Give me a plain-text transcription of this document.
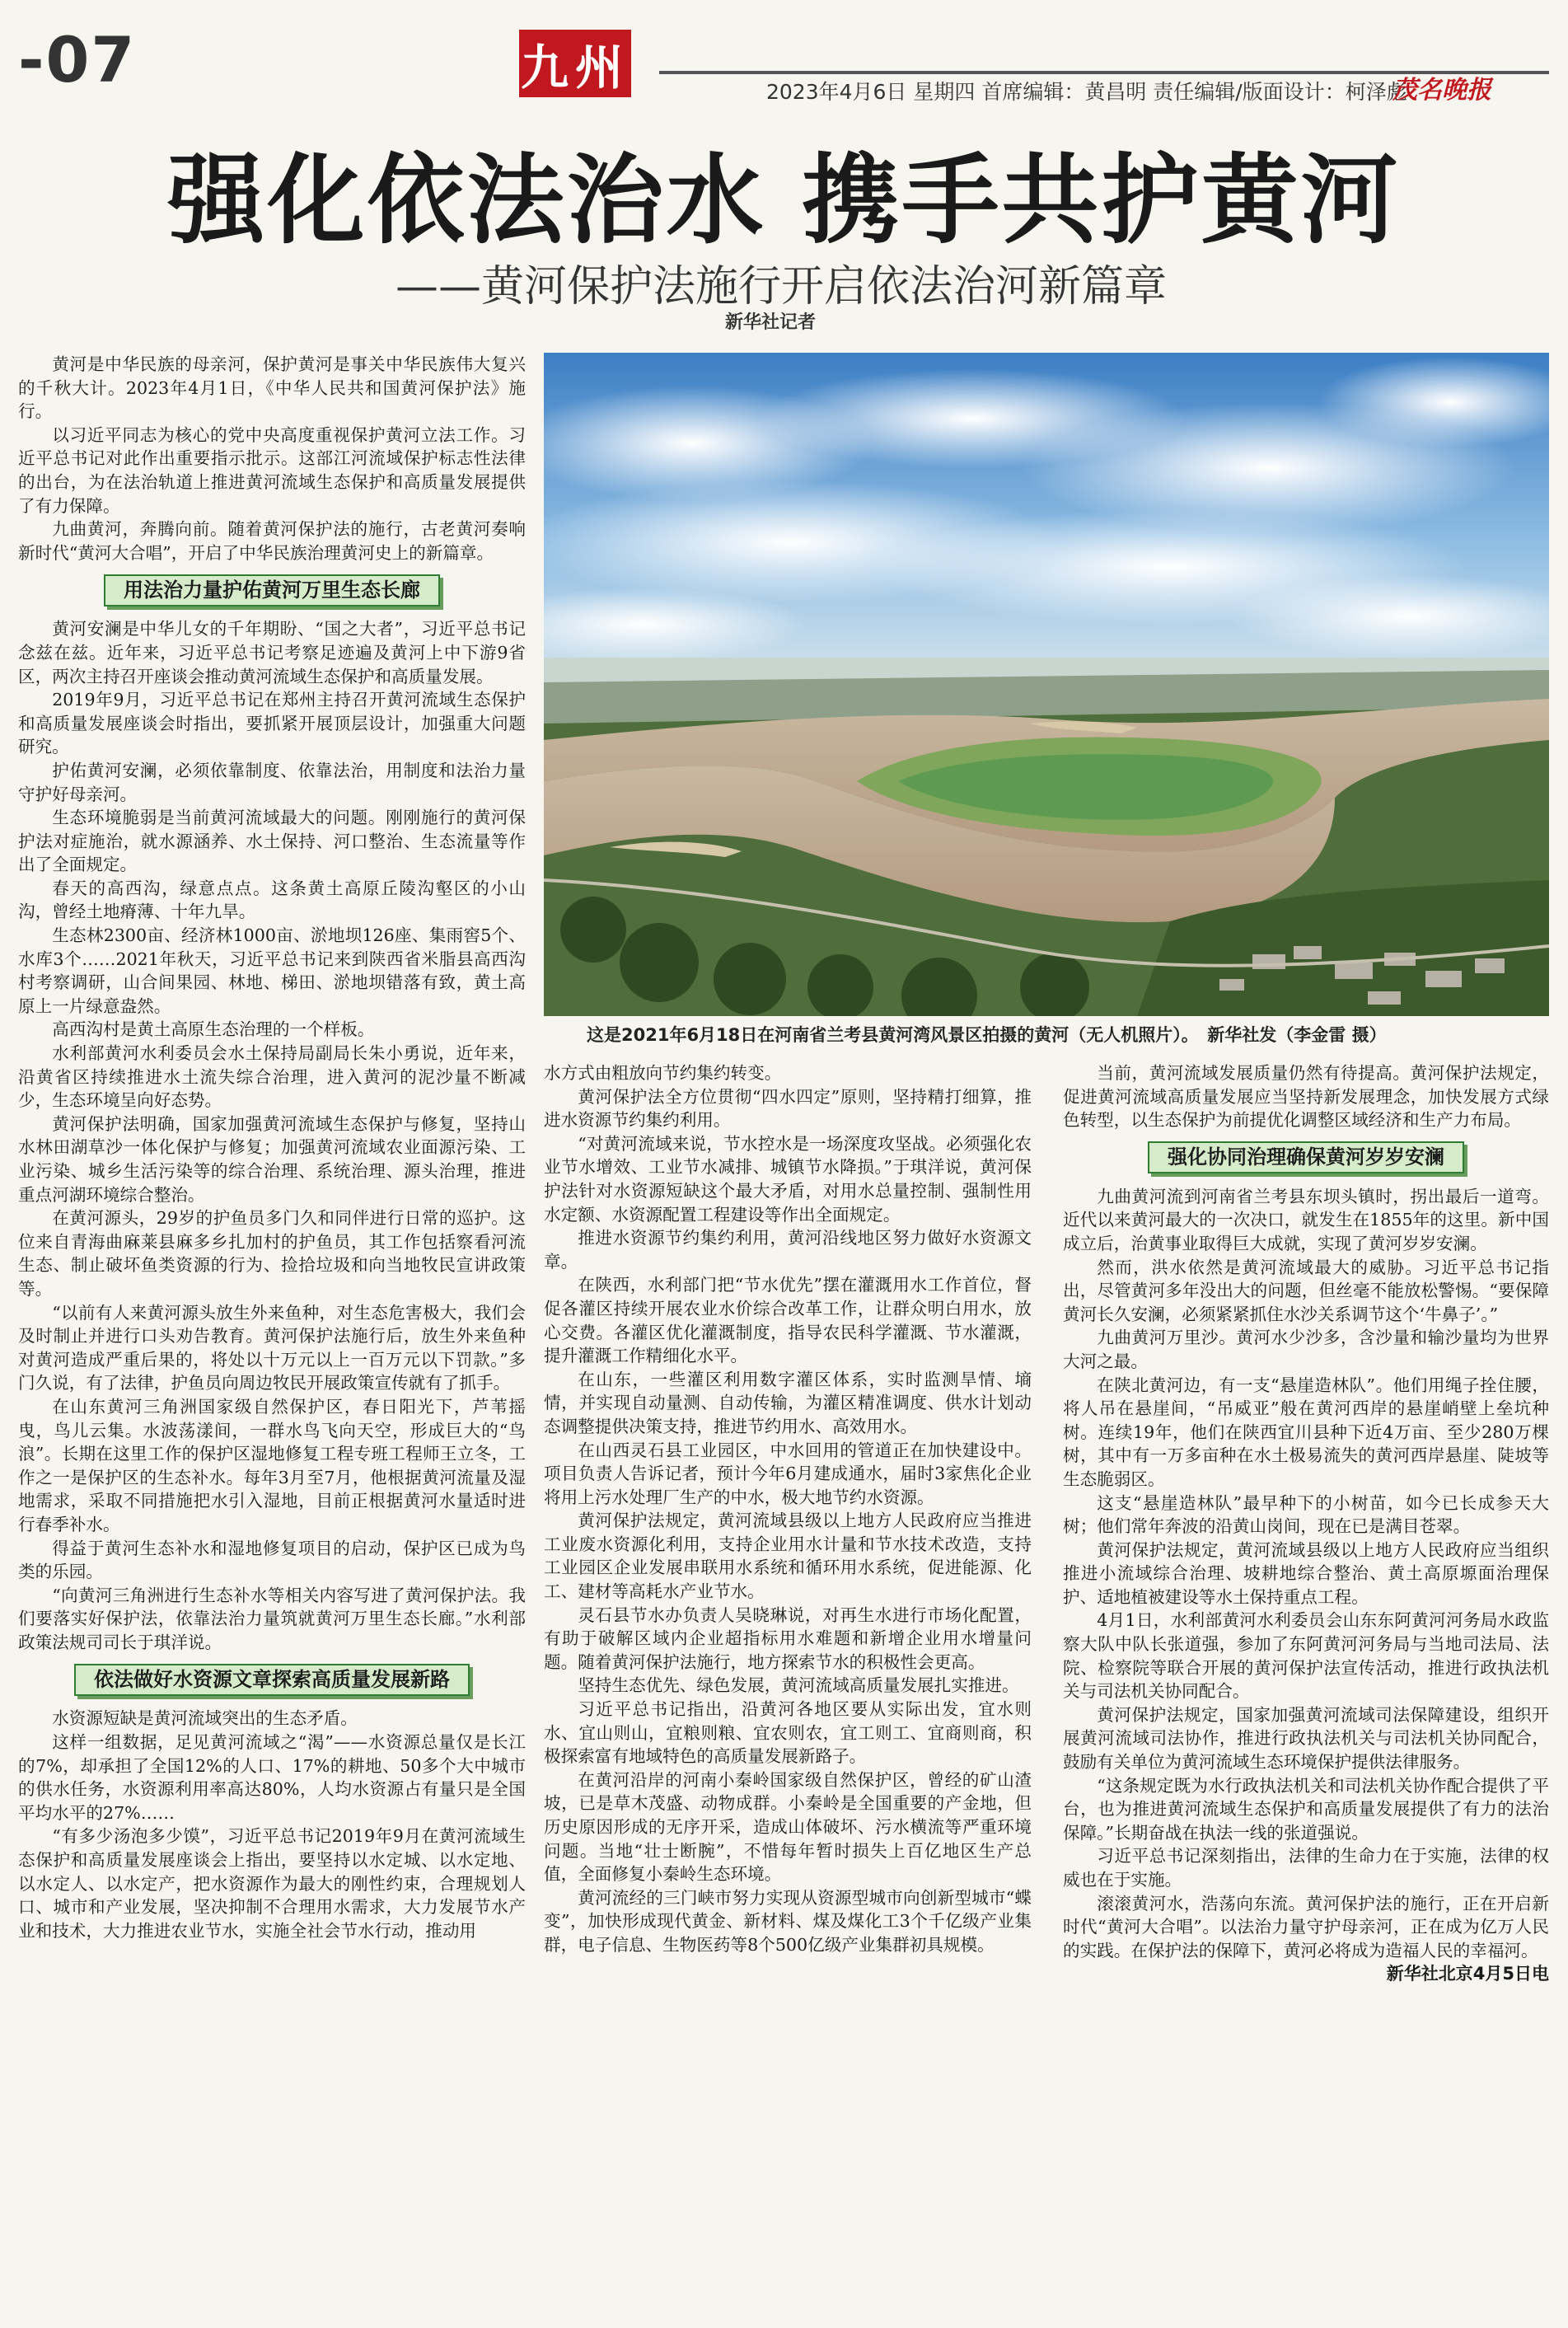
-07	九州	2023年4月6日 星期四 首席编辑：黄昌明 责任编辑/版面设计：柯泽彪
茂名晚报
强化依法治水 携手共护黄河
——黄河保护法施行开启依法治河新篇章
新华社记者
这是2021年6月18日在河南省兰考县黄河湾风景区拍摄的黄河（无人机照片）。　新华社发（李金雷 摄）

黄河是中华民族的母亲河，保护黄河是事关中华民族伟大复兴的千秋大计。2023年4月1日，《中华人民共和国黄河保护法》施行。

以习近平同志为核心的党中央高度重视保护黄河立法工作。习近平总书记对此作出重要指示批示。这部江河流域保护标志性法律的出台，为在法治轨道上推进黄河流域生态保护和高质量发展提供了有力保障。

九曲黄河，奔腾向前。随着黄河保护法的施行，古老黄河奏响新时代“黄河大合唱”，开启了中华民族治理黄河史上的新篇章。

用法治力量护佑黄河万里生态长廊

黄河安澜是中华儿女的千年期盼、“国之大者”，习近平总书记念兹在兹。近年来，习近平总书记考察足迹遍及黄河上中下游9省区，两次主持召开座谈会推动黄河流域生态保护和高质量发展。

2019年9月，习近平总书记在郑州主持召开黄河流域生态保护和高质量发展座谈会时指出，要抓紧开展顶层设计，加强重大问题研究。

护佑黄河安澜，必须依靠制度、依靠法治，用制度和法治力量守护好母亲河。

生态环境脆弱是当前黄河流域最大的问题。刚刚施行的黄河保护法对症施治，就水源涵养、水土保持、河口整治、生态流量等作出了全面规定。

春天的高西沟，绿意点点。这条黄土高原丘陵沟壑区的小山沟，曾经土地瘠薄、十年九旱。

生态林2300亩、经济林1000亩、淤地坝126座、集雨窖5个、水库3个……2021年秋天，习近平总书记来到陕西省米脂县高西沟村考察调研，山合间果园、林地、梯田、淤地坝错落有致，黄土高原上一片绿意盎然。

高西沟村是黄土高原生态治理的一个样板。

水利部黄河水利委员会水土保持局副局长朱小勇说，近年来，沿黄省区持续推进水土流失综合治理，进入黄河的泥沙量不断减少，生态环境呈向好态势。

黄河保护法明确，国家加强黄河流域生态保护与修复，坚持山水林田湖草沙一体化保护与修复；加强黄河流域农业面源污染、工业污染、城乡生活污染等的综合治理、系统治理、源头治理，推进重点河湖环境综合整治。

在黄河源头，29岁的护鱼员多门久和同伴进行日常的巡护。这位来自青海曲麻莱县麻多乡扎加村的护鱼员，其工作包括察看河流生态、制止破坏鱼类资源的行为、捡拾垃圾和向当地牧民宣讲政策等。

“以前有人来黄河源头放生外来鱼种，对生态危害极大，我们会及时制止并进行口头劝告教育。黄河保护法施行后，放生外来鱼种对黄河造成严重后果的，将处以十万元以上一百万元以下罚款。”多门久说，有了法律，护鱼员向周边牧民开展政策宣传就有了抓手。

在山东黄河三角洲国家级自然保护区，春日阳光下，芦苇摇曳，鸟儿云集。水波荡漾间，一群水鸟飞向天空，形成巨大的“鸟浪”。长期在这里工作的保护区湿地修复工程专班工程师王立冬，工作之一是保护区的生态补水。每年3月至7月，他根据黄河流量及湿地需求，采取不同措施把水引入湿地，目前正根据黄河水量适时进行春季补水。

得益于黄河生态补水和湿地修复项目的启动，保护区已成为鸟类的乐园。

“向黄河三角洲进行生态补水等相关内容写进了黄河保护法。我们要落实好保护法，依靠法治力量筑就黄河万里生态长廊。”水利部政策法规司司长于琪洋说。

依法做好水资源文章探索高质量发展新路

水资源短缺是黄河流域突出的生态矛盾。

这样一组数据，足见黄河流域之“渴”——水资源总量仅是长江的7%，却承担了全国12%的人口、17%的耕地、50多个大中城市的供水任务，水资源利用率高达80%，人均水资源占有量只是全国平均水平的27%……

“有多少汤泡多少馍”，习近平总书记2019年9月在黄河流域生态保护和高质量发展座谈会上指出，要坚持以水定城、以水定地、以水定人、以水定产，把水资源作为最大的刚性约束，合理规划人口、城市和产业发展，坚决抑制不合理用水需求，大力发展节水产业和技术，大力推进农业节水，实施全社会节水行动，推动用

水方式由粗放向节约集约转变。

黄河保护法全方位贯彻“四水四定”原则，坚持精打细算，推进水资源节约集约利用。

“对黄河流域来说，节水控水是一场深度攻坚战。必须强化农业节水增效、工业节水减排、城镇节水降损。”于琪洋说，黄河保护法针对水资源短缺这个最大矛盾，对用水总量控制、强制性用水定额、水资源配置工程建设等作出全面规定。

推进水资源节约集约利用，黄河沿线地区努力做好水资源文章。

在陕西，水利部门把“节水优先”摆在灌溉用水工作首位，督促各灌区持续开展农业水价综合改革工作，让群众明白用水，放心交费。各灌区优化灌溉制度，指导农民科学灌溉、节水灌溉，提升灌溉工作精细化水平。

在山东，一些灌区利用数字灌区体系，实时监测旱情、墒情，并实现自动量测、自动传输，为灌区精准调度、供水计划动态调整提供决策支持，推进节约用水、高效用水。

在山西灵石县工业园区，中水回用的管道正在加快建设中。项目负责人告诉记者，预计今年6月建成通水，届时3家焦化企业将用上污水处理厂生产的中水，极大地节约水资源。

黄河保护法规定，黄河流域县级以上地方人民政府应当推进工业废水资源化利用，支持企业用水计量和节水技术改造，支持工业园区企业发展串联用水系统和循环用水系统，促进能源、化工、建材等高耗水产业节水。

灵石县节水办负责人吴晓琳说，对再生水进行市场化配置，有助于破解区域内企业超指标用水难题和新增企业用水增量问题。随着黄河保护法施行，地方探索节水的积极性会更高。

坚持生态优先、绿色发展，黄河流域高质量发展扎实推进。

习近平总书记指出，沿黄河各地区要从实际出发，宜水则水、宜山则山，宜粮则粮、宜农则农，宜工则工、宜商则商，积极探索富有地域特色的高质量发展新路子。

在黄河沿岸的河南小秦岭国家级自然保护区，曾经的矿山渣坡，已是草木茂盛、动物成群。小秦岭是全国重要的产金地，但历史原因形成的无序开采，造成山体破坏、污水横流等严重环境问题。当地“壮士断腕”，不惜每年暂时损失上百亿地区生产总值，全面修复小秦岭生态环境。

黄河流经的三门峡市努力实现从资源型城市向创新型城市“蝶变”，加快形成现代黄金、新材料、煤及煤化工3个千亿级产业集群，电子信息、生物医药等8个500亿级产业集群初具规模。

当前，黄河流域发展质量仍然有待提高。黄河保护法规定，促进黄河流域高质量发展应当坚持新发展理念，加快发展方式绿色转型，以生态保护为前提优化调整区域经济和生产力布局。

强化协同治理确保黄河岁岁安澜

九曲黄河流到河南省兰考县东坝头镇时，拐出最后一道弯。近代以来黄河最大的一次决口，就发生在1855年的这里。新中国成立后，治黄事业取得巨大成就，实现了黄河岁岁安澜。

然而，洪水依然是黄河流域最大的威胁。习近平总书记指出，尽管黄河多年没出大的问题，但丝毫不能放松警惕。“要保障黄河长久安澜，必须紧紧抓住水沙关系调节这个‘牛鼻子’。”

九曲黄河万里沙。黄河水少沙多，含沙量和输沙量均为世界大河之最。

在陕北黄河边，有一支“悬崖造林队”。他们用绳子拴住腰，将人吊在悬崖间，“吊威亚”般在黄河西岸的悬崖峭壁上垒坑种树。连续19年，他们在陕西宜川县种下近4万亩、至少280万棵树，其中有一万多亩种在水土极易流失的黄河西岸悬崖、陡坡等生态脆弱区。

这支“悬崖造林队”最早种下的小树苗，如今已长成参天大树；他们常年奔波的沿黄山岗间，现在已是满目苍翠。

黄河保护法规定，黄河流域县级以上地方人民政府应当组织推进小流域综合治理、坡耕地综合整治、黄土高原塬面治理保护、适地植被建设等水土保持重点工程。

4月1日，水利部黄河水利委员会山东东阿黄河河务局水政监察大队中队长张道强，参加了东阿黄河河务局与当地司法局、法院、检察院等联合开展的黄河保护法宣传活动，推进行政执法机关与司法机关协同配合。

黄河保护法规定，国家加强黄河流域司法保障建设，组织开展黄河流域司法协作，推进行政执法机关与司法机关协同配合，鼓励有关单位为黄河流域生态环境保护提供法律服务。

“这条规定既为水行政执法机关和司法机关协作配合提供了平台，也为推进黄河流域生态保护和高质量发展提供了有力的法治保障。”长期奋战在执法一线的张道强说。

习近平总书记深刻指出，法律的生命力在于实施，法律的权威也在于实施。

滚滚黄河水，浩荡向东流。黄河保护法的施行，正在开启新时代“黄河大合唱”。以法治力量守护母亲河，正在成为亿万人民的实践。在保护法的保障下，黄河必将成为造福人民的幸福河。

新华社北京4月5日电
